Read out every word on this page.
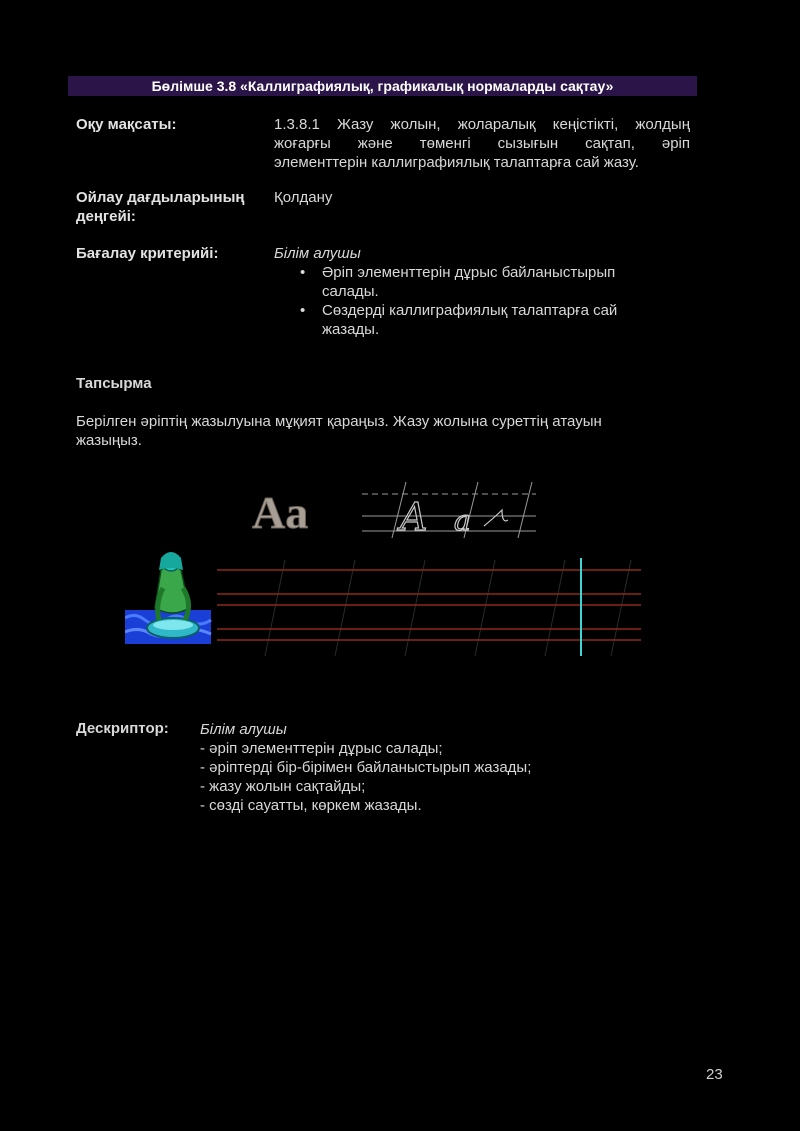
Бөлімше 3.8 «Каллиграфиялық, графикалық нормаларды сақтау»
Оқу мақсаты:	1.3.8.1 Жазу жолын, жоларалық кеңістікті, жолдың
жоғарғы және төменгі сызығын сақтап, әріп
элементтерін каллиграфиялық талаптарға сай жазу.
Ойлау дағдыларының
деңгейі:
Қолдану
Бағалау критерийі:	Білім алушы
• Әріп элементтерін дұрыс байланыстырып
салады.
• Сөздерді каллиграфиялық талаптарға сай
жазады.
Тапсырма
Берілген әріптің жазылуына мұқият қараңыз. Жазу жолына суреттің атауын жазыңыз.
Aa A a
Дескриптор: Білім алушы
- әріп элементтерін дұрыс салады;
- әріптерді бір-бірімен байланыстырып жазады;
- жазу жолын сақтайды;
- сөзді сауатты, көркем жазады.
23
